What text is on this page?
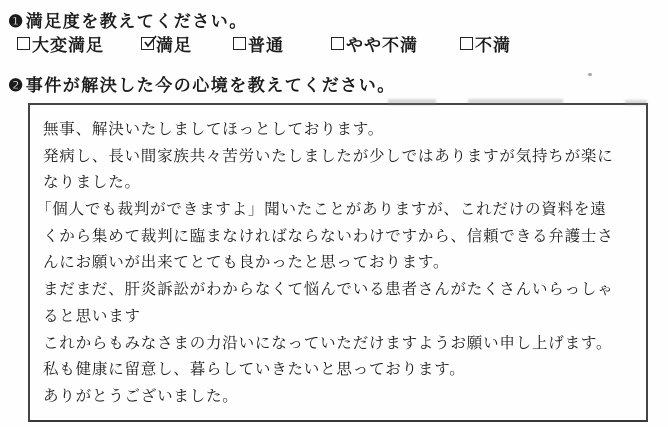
❶満足度を教えてください。
大変満足	満足	普通	やや不満	不満
❷事件が解決した今の心境を教えてください。
無事、解決いたしましてほっとしております。
発病し、長い間家族共々苦労いたしましたが少しではありますが気持ちが楽に
なりました。
「個人でも裁判ができますよ」聞いたことがありますが、これだけの資料を遠
くから集めて裁判に臨まなければならないわけですから、信頼できる弁護士さ
んにお願いが出来てとても良かったと思っております。
まだまだ、肝炎訴訟がわからなくて悩んでいる患者さんがたくさんいらっしゃ
ると思います
これからもみなさまの力沿いになっていただけますようお願い申し上げます。
私も健康に留意し、暮らしていきたいと思っております。
ありがとうございました。
